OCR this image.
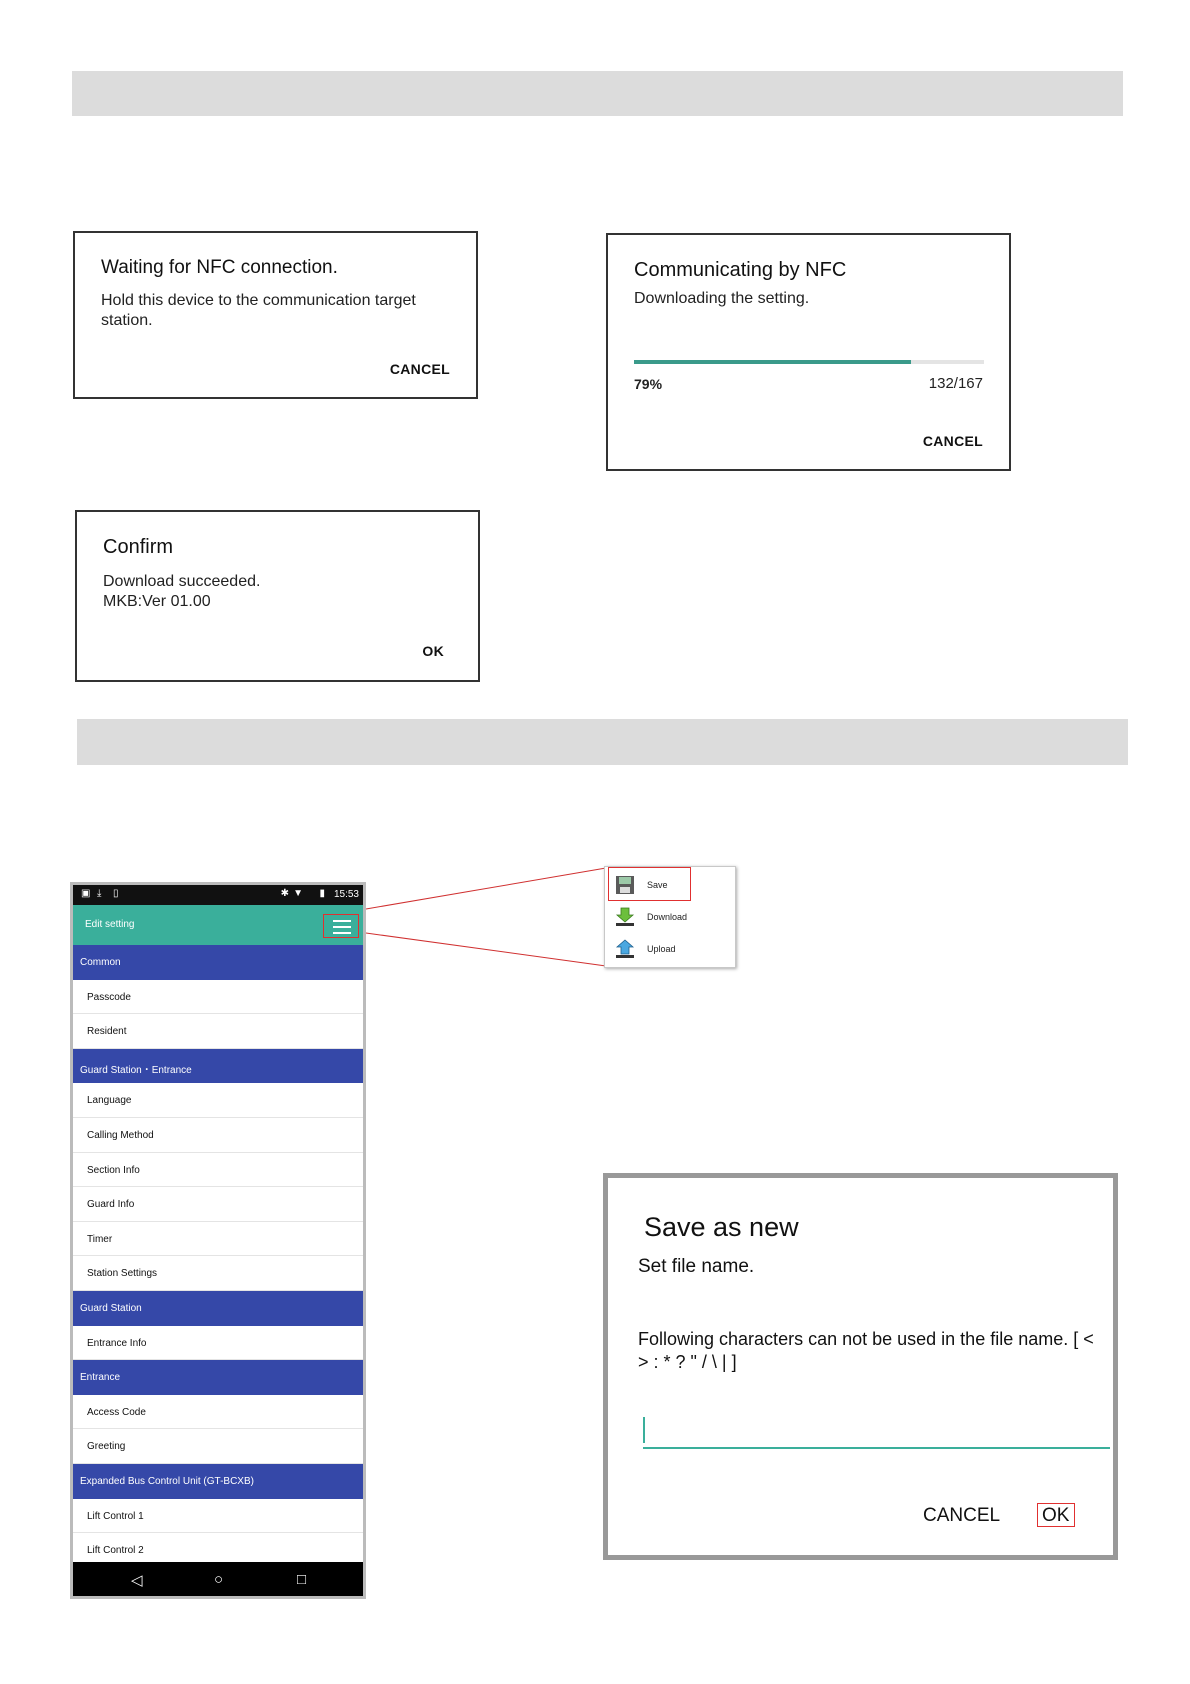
Waiting for NFC connection.
Hold this device to the communication target station.
CANCEL
Communicating by NFC
Downloading the setting.
79%	132/167
CANCEL
Confirm
Download succeeded.
MKB:Ver 01.00
OK
▣ ⤓ ▯	✱ ▼ ▮ 15:53
Edit setting
Common
Passcode
Resident
Guard Station・Entrance
Language
Calling Method
Section Info
Guard Info
Timer
Station Settings
Guard Station
Entrance Info
Entrance
Access Code
Greeting
Expanded Bus Control Unit (GT-BCXB)
Lift Control 1
Lift Control 2
◁	○	□
Save
Download
Upload
Save as new
Set file name.
Following characters can not be used in the file name. [ < > : * ? " / \ | ]
CANCEL OK
